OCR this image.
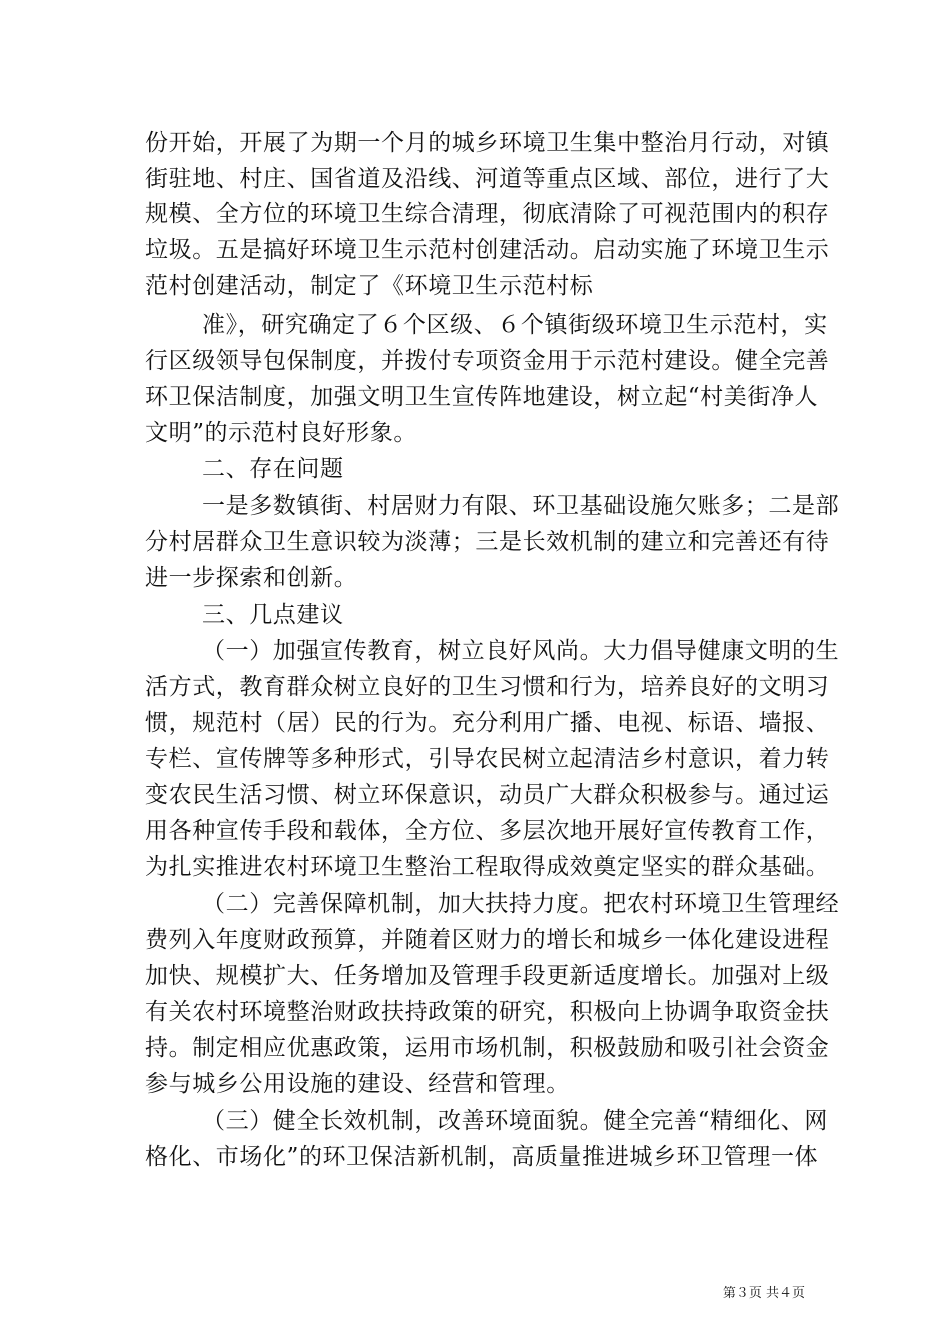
份开始，开展了为期一个月的城乡环境卫生集中整治月行动，对镇
街驻地、村庄、国省道及沿线、河道等重点区域、部位，进行了大
规模、全方位的环境卫生综合清理，彻底清除了可视范围内的积存
垃圾。五是搞好环境卫生示范村创建活动。启动实施了环境卫生示
范村创建活动，制定了《环境卫生示范村标
准》，研究确定了６个区级、６个镇街级环境卫生示范村，实
行区级领导包保制度，并拨付专项资金用于示范村建设。健全完善
环卫保洁制度，加强文明卫生宣传阵地建设，树立起“村美街净人
文明”的示范村良好形象。
二、存在问题
一是多数镇街、村居财力有限、环卫基础设施欠账多；二是部
分村居群众卫生意识较为淡薄；三是长效机制的建立和完善还有待
进一步探索和创新。
三、几点建议
（一）加强宣传教育，树立良好风尚。大力倡导健康文明的生
活方式，教育群众树立良好的卫生习惯和行为，培养良好的文明习
惯，规范村（居）民的行为。充分利用广播、电视、标语、墙报、
专栏、宣传牌等多种形式，引导农民树立起清洁乡村意识，着力转
变农民生活习惯、树立环保意识，动员广大群众积极参与。通过运
用各种宣传手段和载体，全方位、多层次地开展好宣传教育工作，
为扎实推进农村环境卫生整治工程取得成效奠定坚实的群众基础。
（二）完善保障机制，加大扶持力度。把农村环境卫生管理经
费列入年度财政预算，并随着区财力的增长和城乡一体化建设进程
加快、规模扩大、任务增加及管理手段更新适度增长。加强对上级
有关农村环境整治财政扶持政策的研究，积极向上协调争取资金扶
持。制定相应优惠政策，运用市场机制，积极鼓励和吸引社会资金
参与城乡公用设施的建设、经营和管理。
（三）健全长效机制，改善环境面貌。健全完善“精细化、网
格化、市场化”的环卫保洁新机制，高质量推进城乡环卫管理一体
第３页 共４页
